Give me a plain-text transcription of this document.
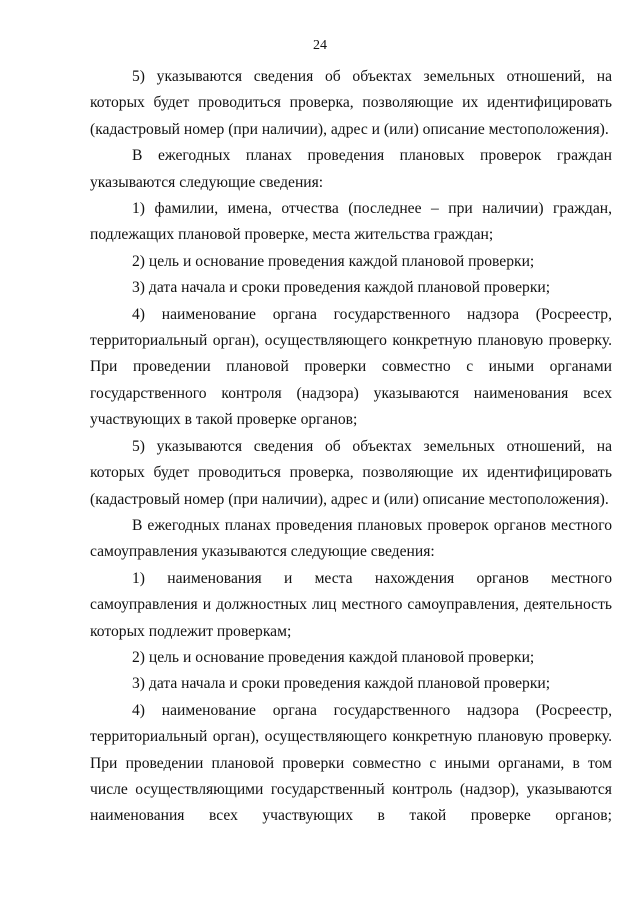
24

5) указываются сведения об объектах земельных отношений, на которых будет проводиться проверка, позволяющие их идентифицировать (кадастровый номер (при наличии), адрес и (или) описание местоположения).

В ежегодных планах проведения плановых проверок граждан указываются следующие сведения:

1) фамилии, имена, отчества (последнее – при наличии) граждан, подлежащих плановой проверке, места жительства граждан;

2) цель и основание проведения каждой плановой проверки;

3) дата начала и сроки проведения каждой плановой проверки;

4) наименование органа государственного надзора (Росреестр, территориальный орган), осуществляющего конкретную плановую проверку. При проведении плановой проверки совместно с иными органами государственного контроля (надзора) указываются наименования всех участвующих в такой проверке органов;

5) указываются сведения об объектах земельных отношений, на которых будет проводиться проверка, позволяющие их идентифицировать (кадастровый номер (при наличии), адрес и (или) описание местоположения).

В ежегодных планах проведения плановых проверок органов местного самоуправления указываются следующие сведения:

1) наименования и места нахождения органов местного самоуправления и должностных лиц местного самоуправления, деятельность которых подлежит проверкам;

2) цель и основание проведения каждой плановой проверки;

3) дата начала и сроки проведения каждой плановой проверки;

4) наименование органа государственного надзора (Росреестр, территориальный орган), осуществляющего конкретную плановую проверку. При проведении плановой проверки совместно с иными органами, в том числе осуществляющими государственный контроль (надзор), указываются наименования всех участвующих в такой проверке органов;
